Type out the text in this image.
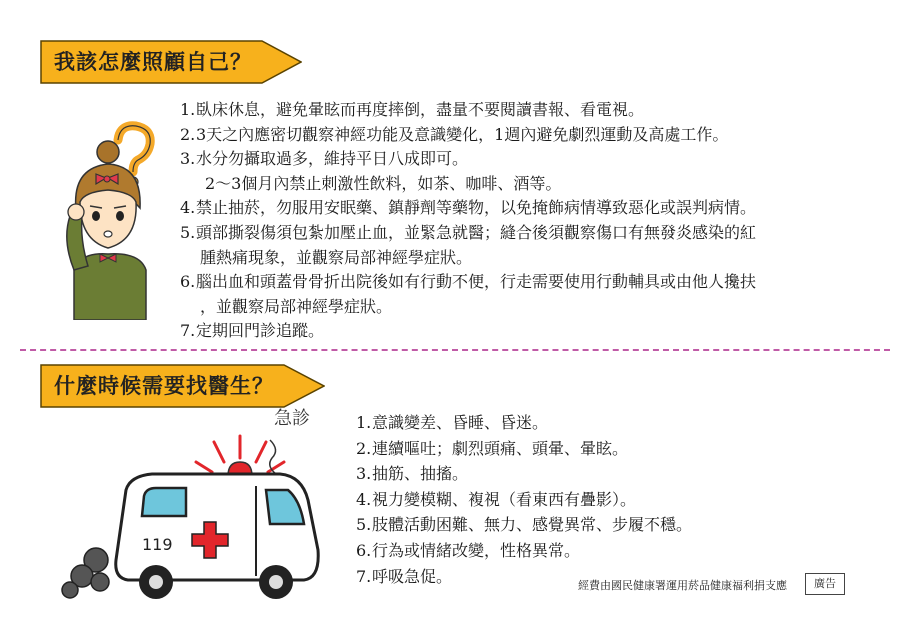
我該怎麼照顧自己？
1.臥床休息，避免暈眩而再度摔倒，盡量不要閱讀書報、看電視。
2.3天之內應密切觀察神經功能及意識變化，1週內避免劇烈運動及高處工作。
3.水分勿攝取過多，維持平日八成即可。
2～3個月內禁止刺激性飲料，如茶、咖啡、酒等。
4.禁止抽菸，勿服用安眠藥、鎮靜劑等藥物，以免掩飾病情導致惡化或誤判病情。
5.頭部撕裂傷須包紮加壓止血，並緊急就醫；縫合後須觀察傷口有無發炎感染的紅
腫熱痛現象，並觀察局部神經學症狀。
6.腦出血和頭蓋骨骨折出院後如有行動不便，行走需要使用行動輔具或由他人攙扶
，並觀察局部神經學症狀。
7.定期回門診追蹤。
什麼時候需要找醫生？
急診
119
1.意識變差、昏睡、昏迷。
2.連續嘔吐；劇烈頭痛、頭暈、暈眩。
3.抽筋、抽搐。
4.視力變模糊、複視（看東西有疊影）。
5.肢體活動困難、無力、感覺異常、步履不穩。
6.行為或情緒改變，性格異常。
7.呼吸急促。	經費由國民健康署運用菸品健康福利捐支應	廣告
